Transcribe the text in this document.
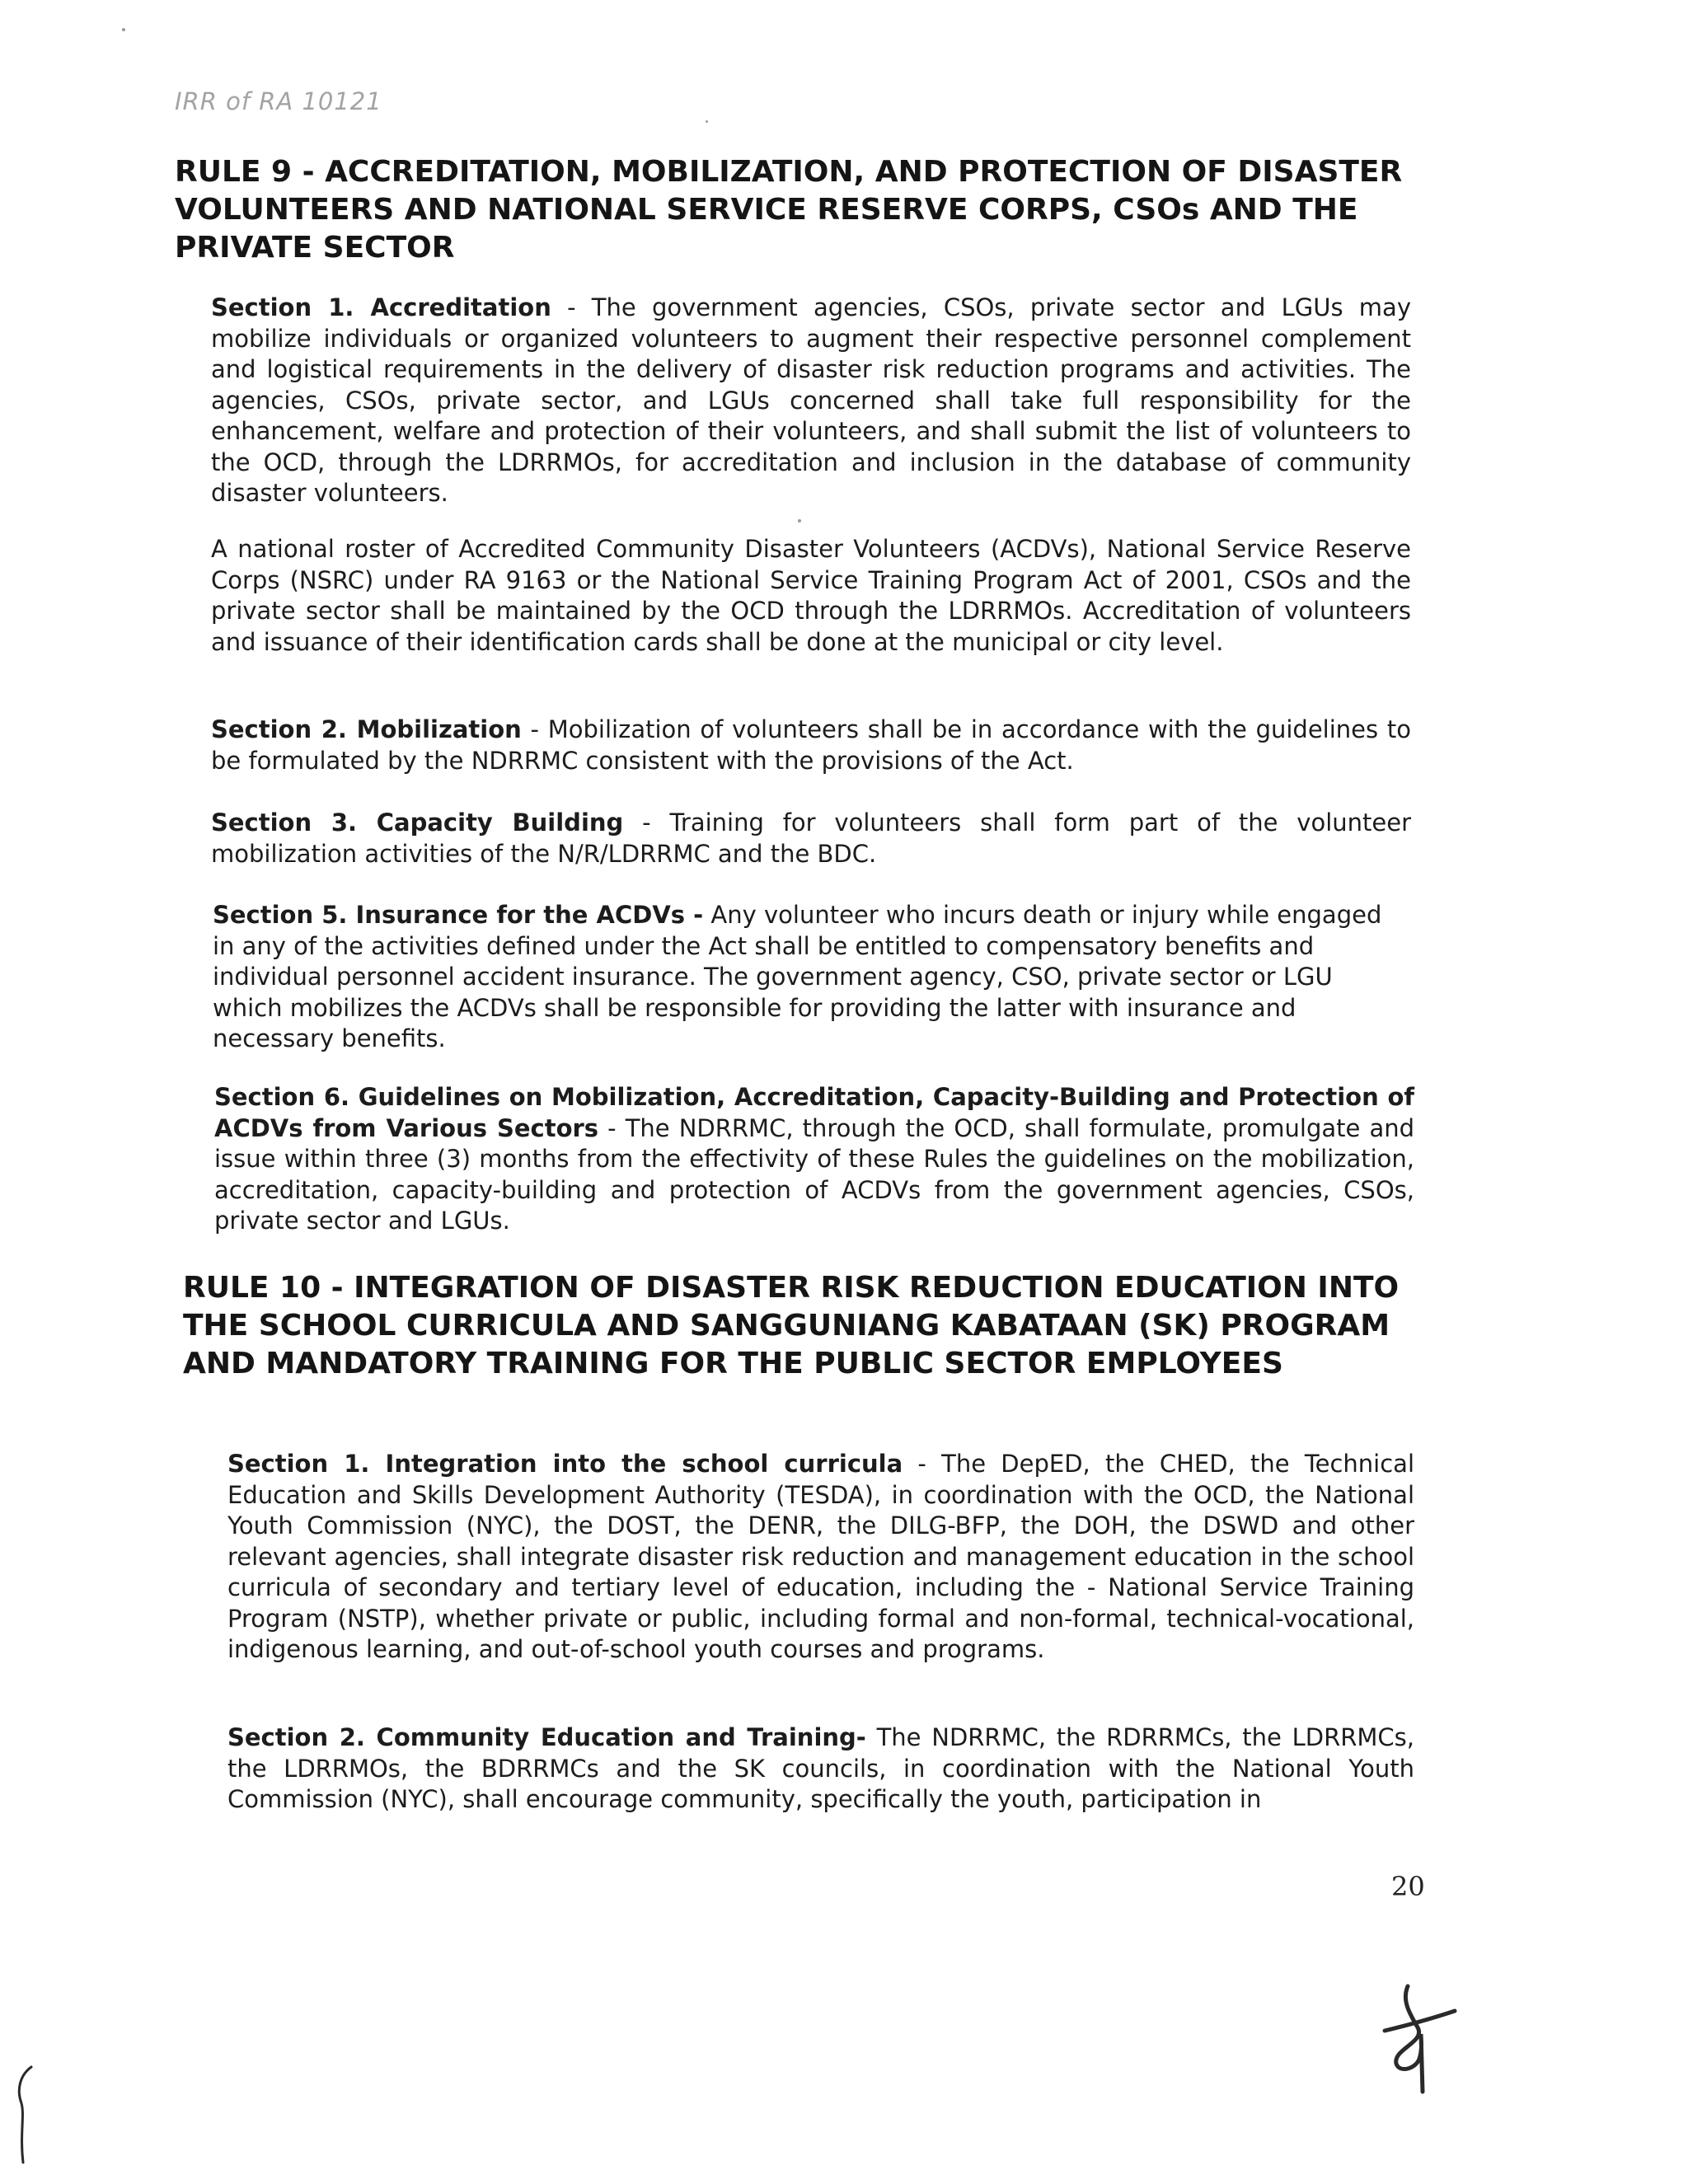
IRR of RA 10121
RULE 9 - ACCREDITATION, MOBILIZATION, AND PROTECTION OF DISASTER VOLUNTEERS AND NATIONAL SERVICE RESERVE CORPS, CSOs AND THE PRIVATE SECTOR

Section 1. Accreditation - The government agencies, CSOs, private sector and LGUs may mobilize individuals or organized volunteers to augment their respective personnel complement and logistical requirements in the delivery of disaster risk reduction programs and activities. The agencies, CSOs, private sector, and LGUs concerned shall take full responsibility for the enhancement, welfare and protection of their volunteers, and shall submit the list of volunteers to the OCD, through the LDRRMOs, for accreditation and inclusion in the database of community disaster volunteers.

A national roster of Accredited Community Disaster Volunteers (ACDVs), National Service Reserve Corps (NSRC) under RA 9163 or the National Service Training Program Act of 2001, CSOs and the private sector shall be maintained by the OCD through the LDRRMOs. Accreditation of volunteers and issuance of their identification cards shall be done at the municipal or city level.

Section 2. Mobilization - Mobilization of volunteers shall be in accordance with the guidelines to be formulated by the NDRRMC consistent with the provisions of the Act.

Section 3. Capacity Building - Training for volunteers shall form part of the volunteer mobilization activities of the N/R/LDRRMC and the BDC.

Section 5. Insurance for the ACDVs - Any volunteer who incurs death or injury while engaged in any of the activities defined under the Act shall be entitled to compensatory benefits and individual personnel accident insurance. The government agency, CSO, private sector or LGU which mobilizes the ACDVs shall be responsible for providing the latter with insurance and necessary benefits.

Section 6. Guidelines on Mobilization, Accreditation, Capacity-Building and Protection of ACDVs from Various Sectors - The NDRRMC, through the OCD, shall formulate, promulgate and issue within three (3) months from the effectivity of these Rules the guidelines on the mobilization, accreditation, capacity-building and protection of ACDVs from the government agencies, CSOs, private sector and LGUs.

RULE 10 - INTEGRATION OF DISASTER RISK REDUCTION EDUCATION INTO THE SCHOOL CURRICULA AND SANGGUNIANG KABATAAN (SK) PROGRAM AND MANDATORY TRAINING FOR THE PUBLIC SECTOR EMPLOYEES

Section 1. Integration into the school curricula - The DepED, the CHED, the Technical Education and Skills Development Authority (TESDA), in coordination with the OCD, the National Youth Commission (NYC), the DOST, the DENR, the DILG-BFP, the DOH, the DSWD and other relevant agencies, shall integrate disaster risk reduction and management education in the school curricula of secondary and tertiary level of education, including the - National Service Training Program (NSTP), whether private or public, including formal and non-formal, technical-vocational, indigenous learning, and out-of-school youth courses and programs.

Section 2. Community Education and Training- The NDRRMC, the RDRRMCs, the LDRRMCs, the LDRRMOs, the BDRRMCs and the SK councils, in coordination with the National Youth Commission (NYC), shall encourage community, specifically the youth, participation in

20
